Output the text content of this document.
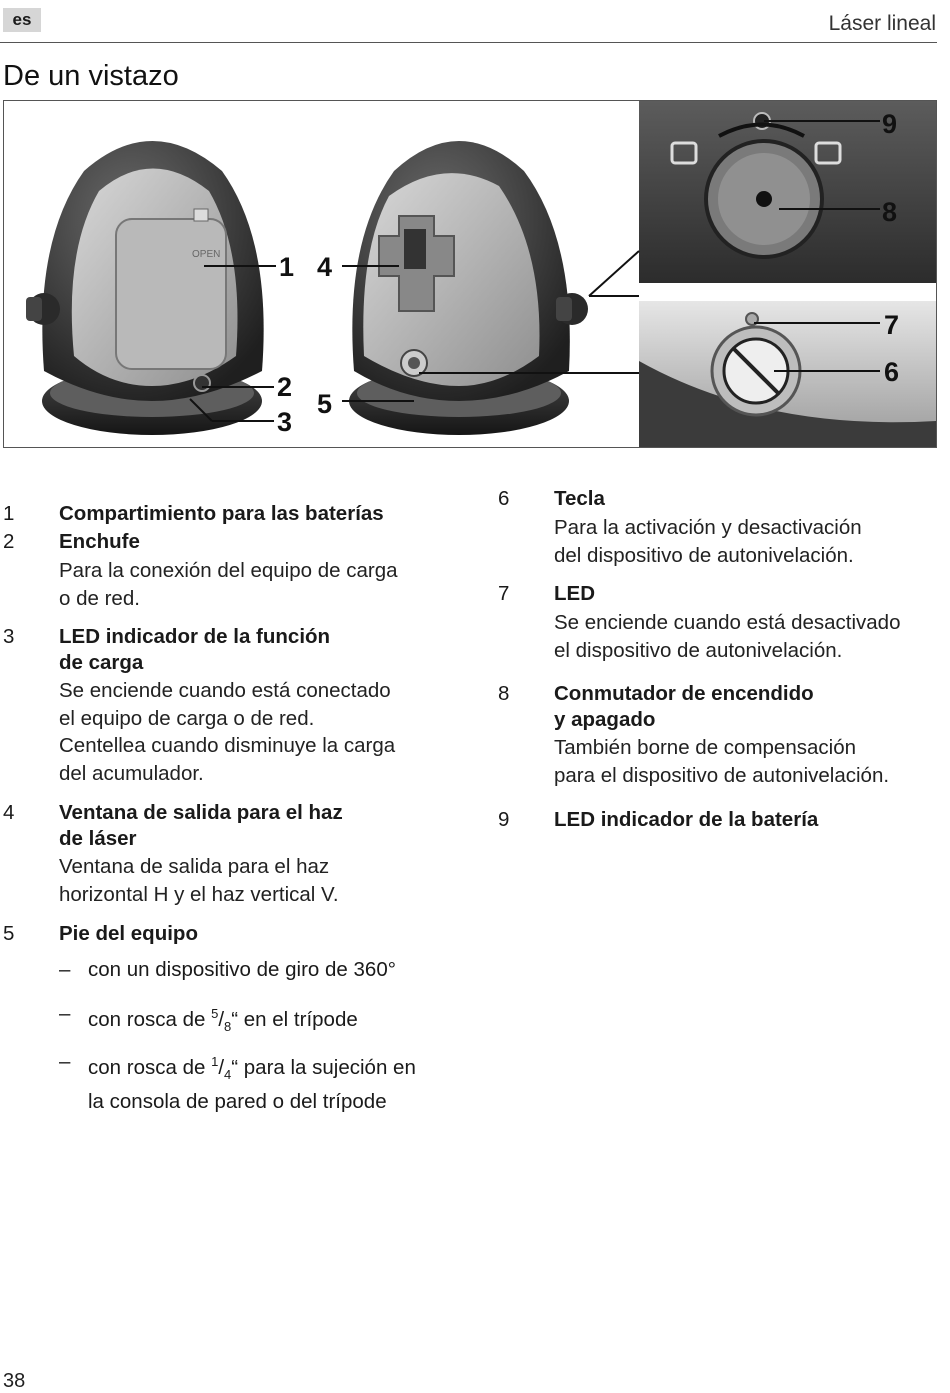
es	Láser lineal
De un vistazo
OPEN 1 4
2
3
5
9
8
7
6
1 Compartimiento para las baterías
2 Enchufe
Para la conexión del equipo de carga
o de red.
3 LED indicador de la función
de carga
Se enciende cuando está conectado
el equipo de carga o de red.
Centellea cuando disminuye la carga
del acumulador.
4 Ventana de salida para el haz
de láser
Ventana de salida para el haz
horizontal H y el haz vertical V.
5 Pie del equipo
– con un dispositivo de giro de 360°
– con rosca de $^5/_8“$ en el trípode
– con rosca de $^1/_4“$ para la sujeción en
la consola de pared o del trípode
6 Tecla
Para la activación y desactivación
del dispositivo de autonivelación.
7 LED
Se enciende cuando está desactivado
el dispositivo de autonivelación.
8 Conmutador de encendido
y apagado
También borne de compensación
para el dispositivo de autonivelación.
9 LED indicador de la batería
38
